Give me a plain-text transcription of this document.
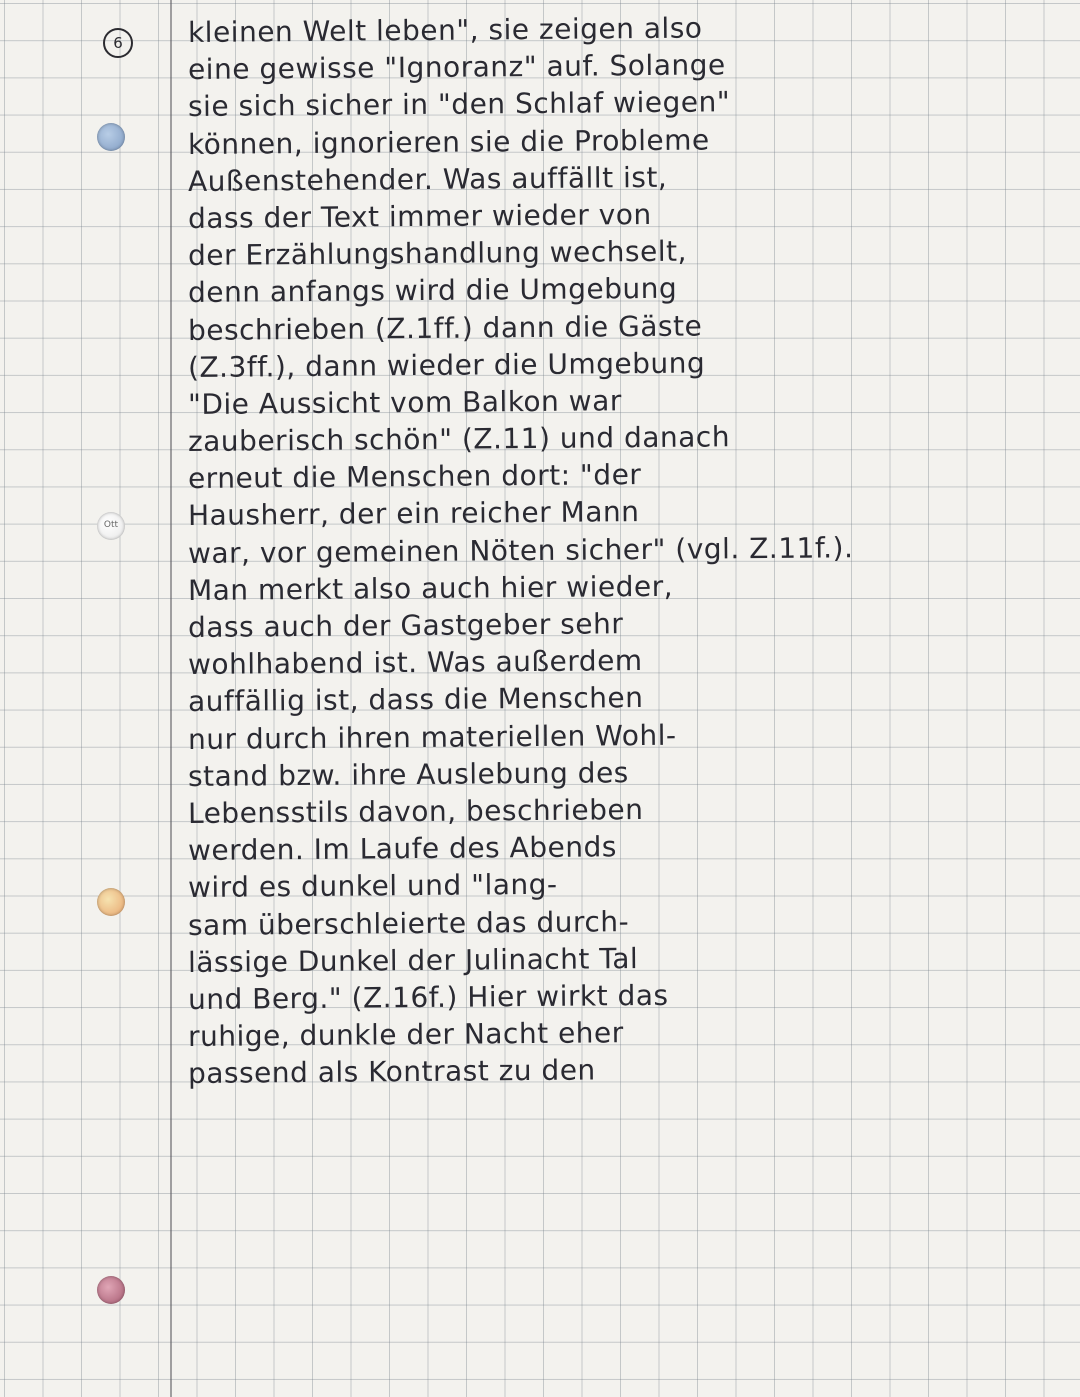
6
Ott
kleinen Welt leben", sie zeigen also
eine gewisse "Ignoranz" auf. Solange
sie sich sicher in "den Schlaf wiegen"
können, ignorieren sie die Probleme
Außenstehender. Was auffällt ist,
dass der Text immer wieder von
der Erzählungshandlung wechselt,
denn anfangs wird die Umgebung
beschrieben (Z.1ff.) dann die Gäste
(Z.3ff.), dann wieder die Umgebung
"Die Aussicht vom Balkon war
zauberisch schön" (Z.11) und danach
erneut die Menschen dort: "der
Hausherr, der ein reicher Mann
war, vor gemeinen Nöten sicher" (vgl. Z.11f.).
Man merkt also auch hier wieder,
dass auch der Gastgeber sehr
wohlhabend ist. Was außerdem
auffällig ist, dass die Menschen
nur durch ihren materiellen Wohl-
stand bzw. ihre Auslebung des
Lebensstils davon, beschrieben
werden. Im Laufe des Abends
wird es dunkel und "lang-
sam überschleierte das durch-
lässige Dunkel der Julinacht Tal
und Berg." (Z.16f.) Hier wirkt das
ruhige, dunkle der Nacht eher
passend als Kontrast zu den
